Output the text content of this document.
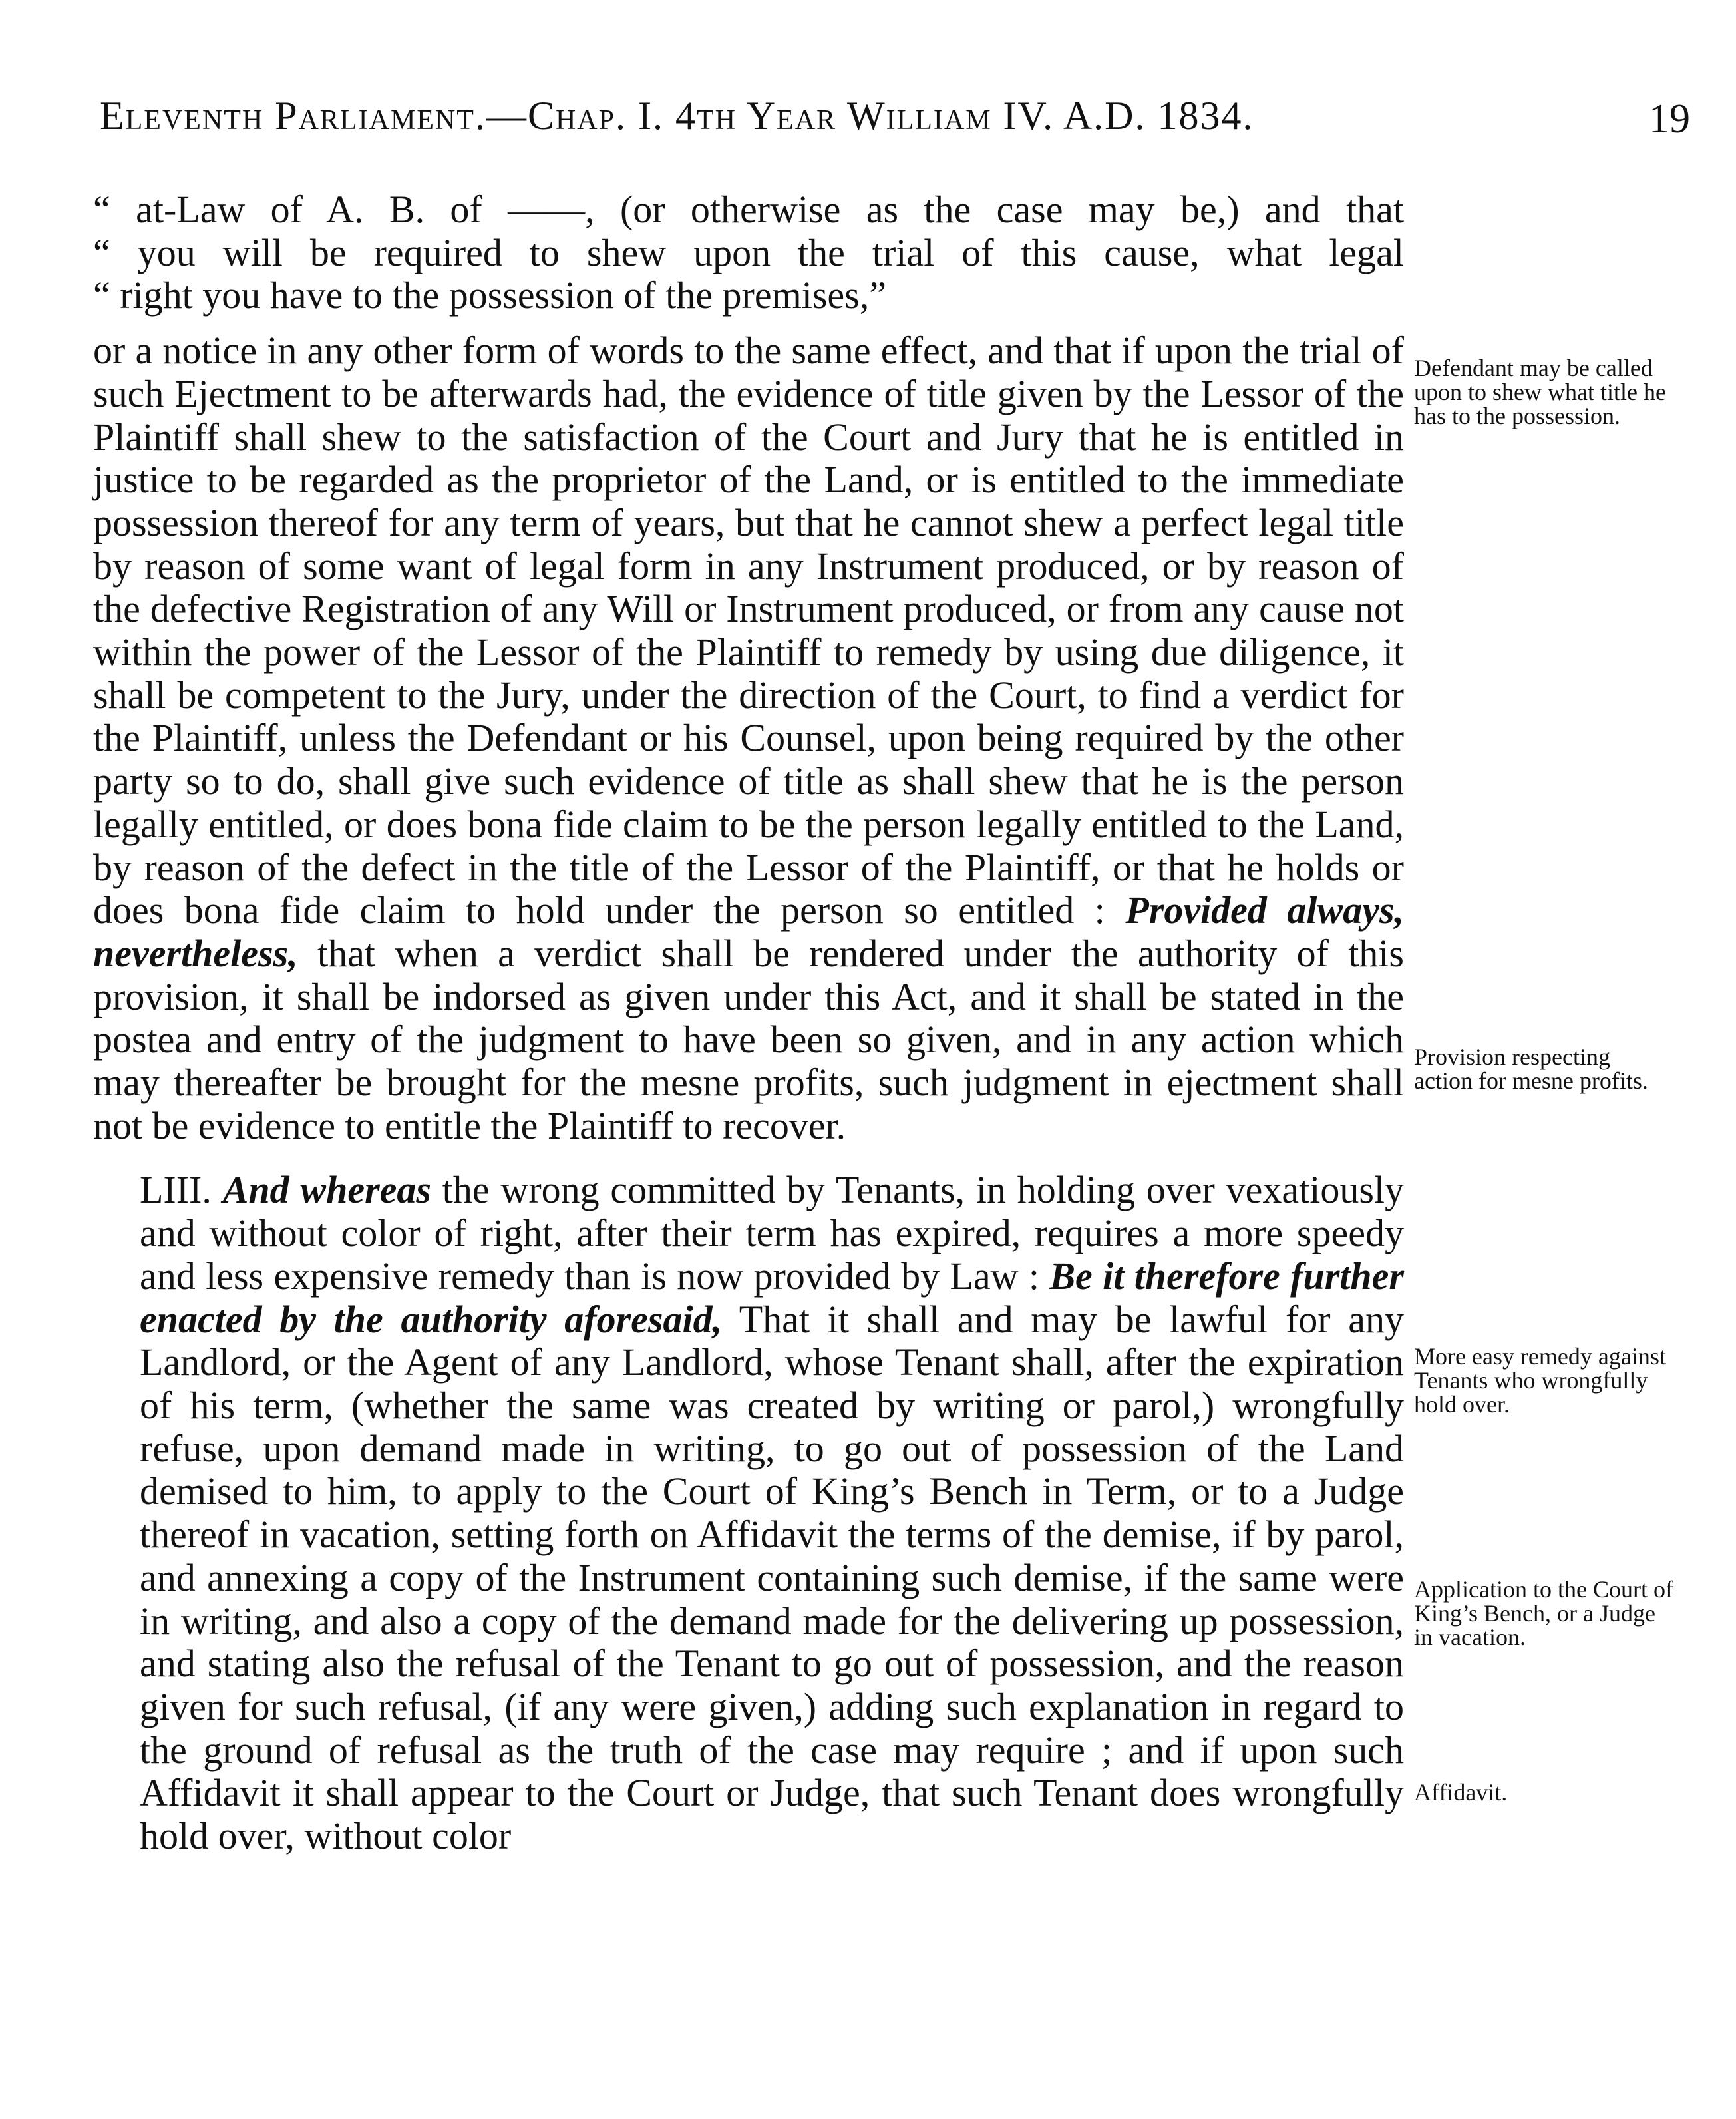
Eleventh Parliament.—Chap. I. 4th Year William IV. A.D. 1834.	19
“ at-Law of A. B. of ——, (or otherwise as the case may be,) and that
“ you will be required to shew upon the trial of this cause, what legal
“ right you have to the possession of the premises,”

or a notice in any other form of words to the same effect, and that if upon the trial of such Ejectment to be afterwards had, the evidence of title given by the Lessor of the Plaintiff shall shew to the satisfaction of the Court and Jury that he is entitled in justice to be regarded as the proprietor of the Land, or is entitled to the immediate possession thereof for any term of years, but that he cannot shew a perfect legal title by reason of some want of legal form in any Instrument produced, or by reason of the defective Registration of any Will or Instrument produced, or from any cause not within the power of the Lessor of the Plaintiff to remedy by using due diligence, it shall be competent to the Jury, under the direction of the Court, to find a verdict for the Plaintiff, unless the Defendant or his Counsel, upon being required by the other party so to do, shall give such evidence of title as shall shew that he is the person legally entitled, or does bona fide claim to be the person legally entitled to the Land, by reason of the defect in the title of the Lessor of the Plaintiff, or that he holds or does bona fide claim to hold under the person so entitled : Provided always, nevertheless, that when a verdict shall be rendered under the authority of this provision, it shall be indorsed as given under this Act, and it shall be stated in the postea and entry of the judgment to have been so given, and in any action which may thereafter be brought for the mesne profits, such judgment in ejectment shall not be evidence to entitle the Plaintiff to recover.

LIII. And whereas the wrong committed by Tenants, in holding over vexatiously and without color of right, after their term has expired, requires a more speedy and less expensive remedy than is now provided by Law : Be it therefore further enacted by the authority aforesaid, That it shall and may be lawful for any Landlord, or the Agent of any Landlord, whose Tenant shall, after the expiration of his term, (whether the same was created by writing or parol,) wrongfully refuse, upon demand made in writing, to go out of possession of the Land demised to him, to apply to the Court of King’s Bench in Term, or to a Judge thereof in vacation, setting forth on Affidavit the terms of the demise, if by parol, and annexing a copy of the Instrument containing such demise, if the same were in writing, and also a copy of the demand made for the delivering up possession, and stating also the refusal of the Tenant to go out of possession, and the reason given for such refusal, (if any were given,) adding such explanation in regard to the ground of refusal as the truth of the case may require ; and if upon such Affidavit it shall appear to the Court or Judge, that such Tenant does wrongfully hold over, without color

Defendant may be called upon to shew what title he has to the possession.
Provision respecting action for mesne profits.
More easy remedy against Tenants who wrongfully hold over.
Application to the Court of King’s Bench, or a Judge in vacation.
Affidavit.
